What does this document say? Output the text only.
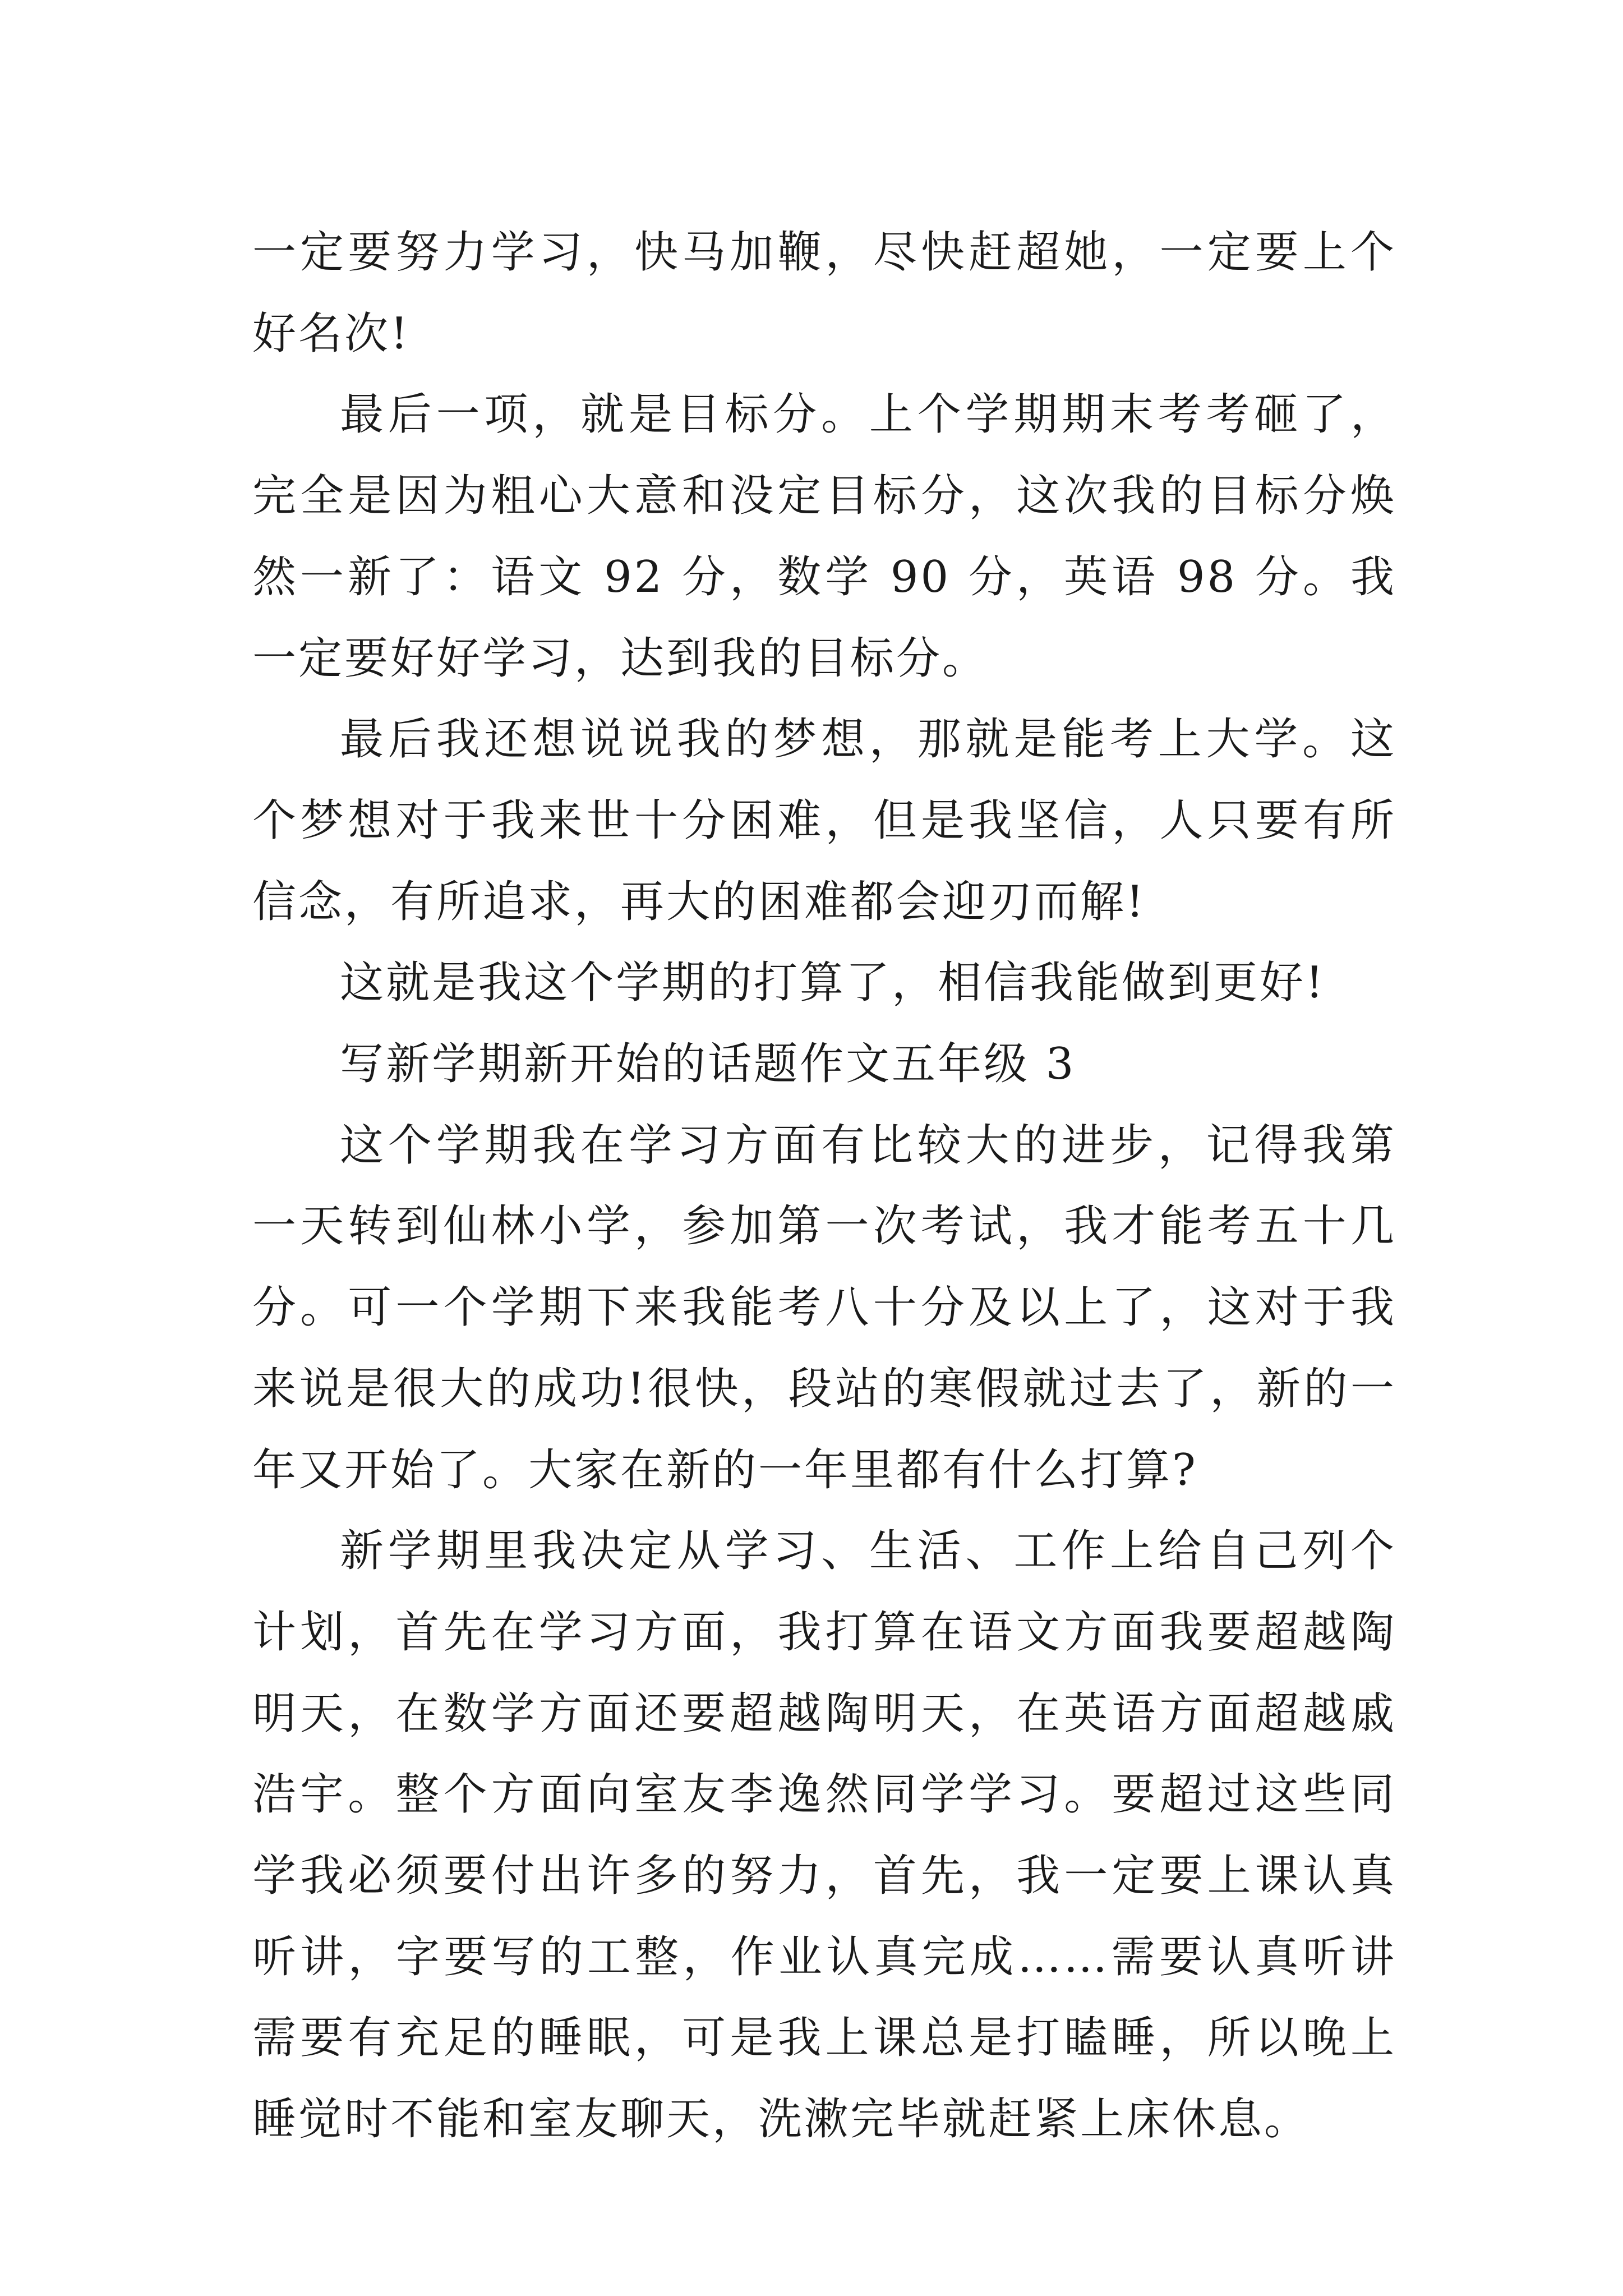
一定要努力学习，快马加鞭，尽快赶超她，一定要上个好名次!

最后一项，就是目标分。上个学期期末考考砸了，完全是因为粗心大意和没定目标分，这次我的目标分焕然一新了：语文 92 分，数学 90 分，英语 98 分。我一定要好好学习，达到我的目标分。

最后我还想说说我的梦想，那就是能考上大学。这个梦想对于我来世十分困难，但是我坚信，人只要有所信念，有所追求，再大的困难都会迎刃而解!

这就是我这个学期的打算了，相信我能做到更好!

写新学期新开始的话题作文五年级 3

这个学期我在学习方面有比较大的进步，记得我第一天转到仙林小学，参加第一次考试，我才能考五十几分。可一个学期下来我能考八十分及以上了，这对于我来说是很大的成功!很快，段站的寒假就过去了，新的一年又开始了。大家在新的一年里都有什么打算?

新学期里我决定从学习、生活、工作上给自己列个计划，首先在学习方面，我打算在语文方面我要超越陶明天，在数学方面还要超越陶明天，在英语方面超越戚浩宇。整个方面向室友李逸然同学学习。要超过这些同学我必须要付出许多的努力，首先，我一定要上课认真听讲，字要写的工整，作业认真完成……需要认真听讲需要有充足的睡眠，可是我上课总是打瞌睡，所以晚上睡觉时不能和室友聊天，洗漱完毕就赶紧上床休息。
